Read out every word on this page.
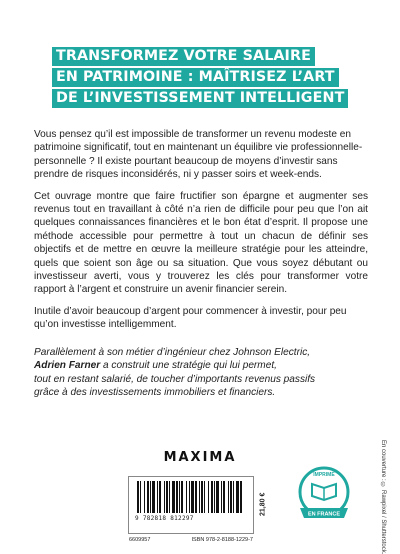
TRANSFORMEZ VOTRE SALAIRE
EN PATRIMOINE : MAÎTRISEZ L’ART
DE L’INVESTISSEMENT INTELLIGENT

Vous pensez qu’il est impossible de transformer un revenu modeste en patrimoine significatif, tout en maintenant un équilibre vie professionnelle-personnelle ? Il existe pourtant beaucoup de moyens d’investir sans prendre de risques inconsidérés, ni y passer soirs et week-ends.

Cet ouvrage montre que faire fructifier son épargne et augmenter ses revenus tout en travaillant à côté n’a rien de difficile pour peu que l’on ait quelques connaissances financières et le bon état d’esprit. Il propose une méthode accessible pour permettre à tout un chacun de définir ses objectifs et de mettre en œuvre la meilleure stratégie pour les atteindre, quels que soient son âge ou sa situation. Que vous soyez débutant ou investisseur averti, vous y trouverez les clés pour transformer votre rapport à l’argent et construire un avenir financier serein.

Inutile d’avoir beaucoup d’argent pour commencer à investir, pour peu qu’on investisse intelligemment.

Parallèlement à son métier d’ingénieur chez Johnson Electric,
Adrien Farner a construit une stratégie qui lui permet,
tout en restant salarié, de toucher d’importants revenus passifs
grâce à des investissements immobiliers et financiers.

MAXIMA
9 782818 812297
6609957	ISBN 978-2-8188-1229-7
21,80 €
IMPRIMÉ
EN FRANCE	En couverture : © Rawpixel / Shutterstock.
